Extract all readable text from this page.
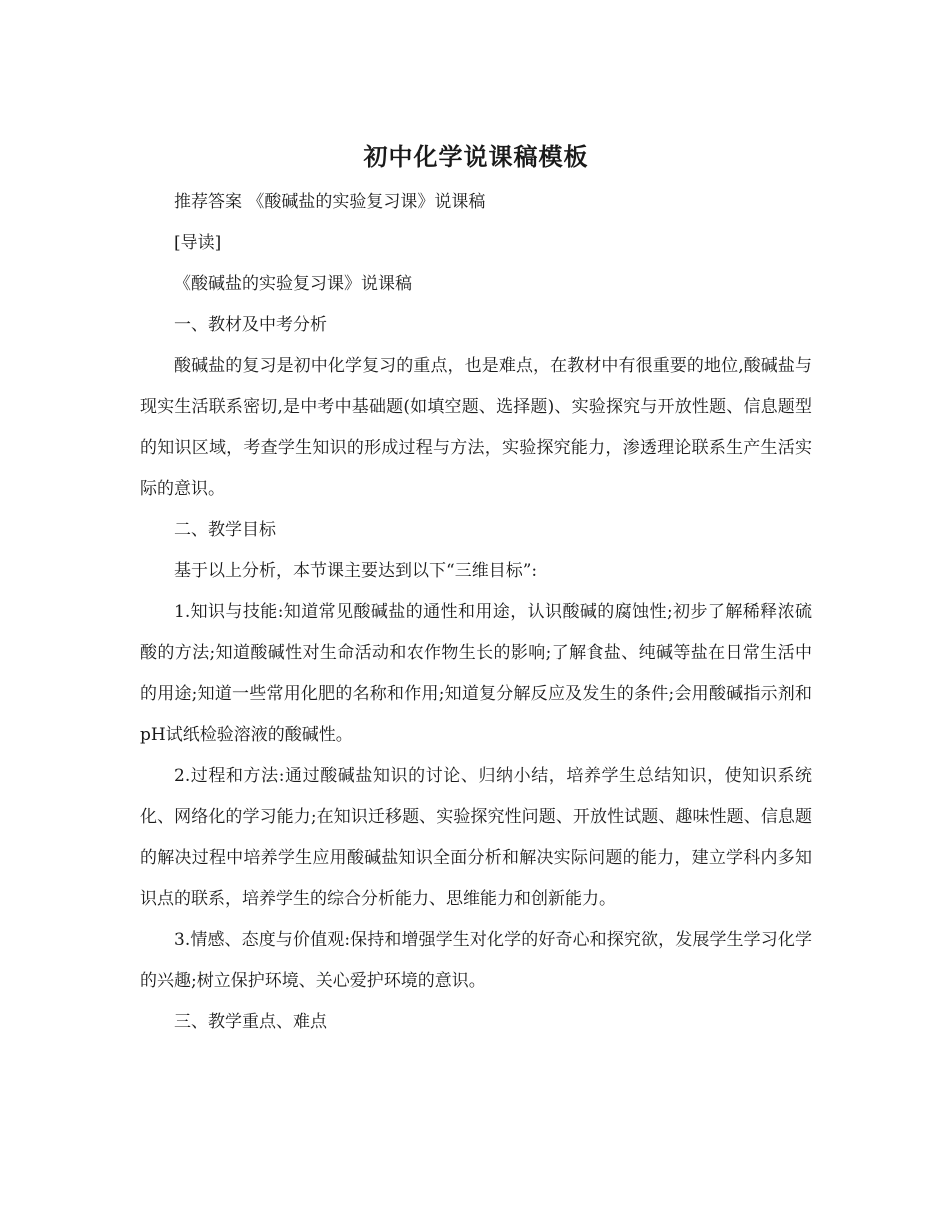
初中化学说课稿模板

推荐答案 《酸碱盐的实验复习课》说课稿

[导读]

《酸碱盐的实验复习课》说课稿

一、教材及中考分析

酸碱盐的复习是初中化学复习的重点，也是难点，在教材中有很重要的地位,酸碱盐与现实生活联系密切,是中考中基础题(如填空题、选择题)、实验探究与开放性题、信息题型的知识区域，考查学生知识的形成过程与方法，实验探究能力，渗透理论联系生产生活实际的意识。

二、教学目标

基于以上分析，本节课主要达到以下“三维目标”:

1.知识与技能:知道常见酸碱盐的通性和用途，认识酸碱的腐蚀性;初步了解稀释浓硫酸的方法;知道酸碱性对生命活动和农作物生长的影响;了解食盐、纯碱等盐在日常生活中的用途;知道一些常用化肥的名称和作用;知道复分解反应及发生的条件;会用酸碱指示剂和pH试纸检验溶液的酸碱性。

2.过程和方法:通过酸碱盐知识的讨论、归纳小结，培养学生总结知识，使知识系统化、网络化的学习能力;在知识迁移题、实验探究性问题、开放性试题、趣味性题、信息题的解决过程中培养学生应用酸碱盐知识全面分析和解决实际问题的能力，建立学科内多知识点的联系，培养学生的综合分析能力、思维能力和创新能力。

3.情感、态度与价值观:保持和增强学生对化学的好奇心和探究欲，发展学生学习化学的兴趣;树立保护环境、关心爱护环境的意识。

三、教学重点、难点
